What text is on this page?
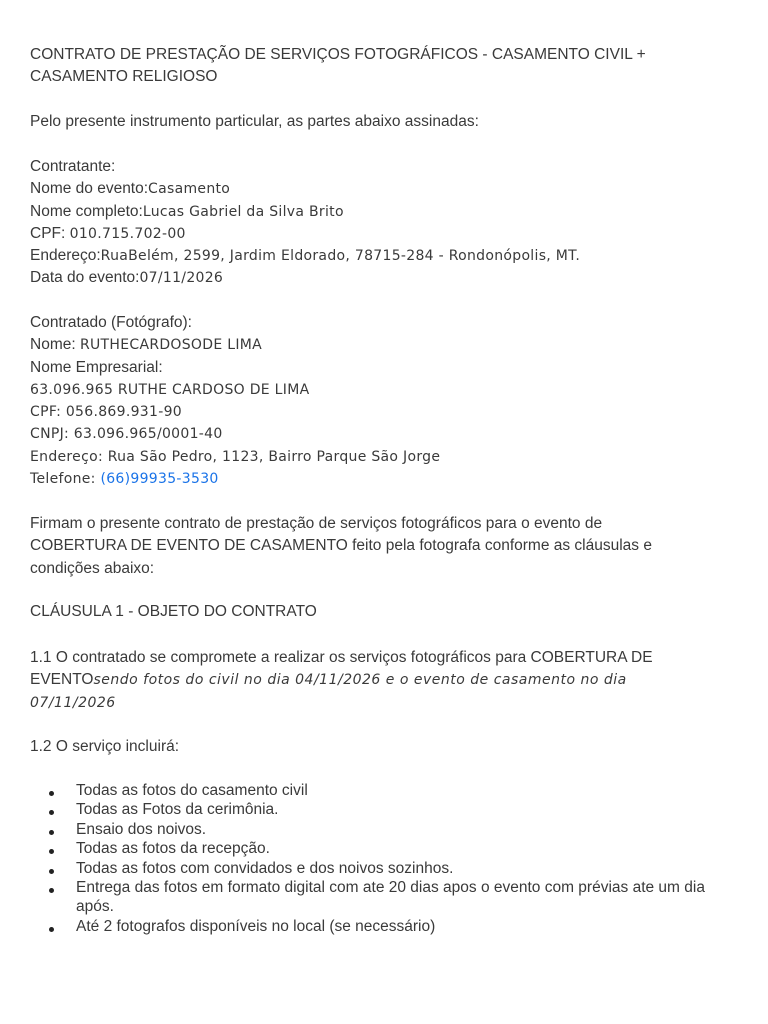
CONTRATO DE PRESTAÇÃO DE SERVIÇOS FOTOGRÁFICOS - CASAMENTO CIVIL +
CASAMENTO RELIGIOSO
Pelo presente instrumento particular, as partes abaixo assinadas:
Contratante:
Nome do evento:Casamento
Nome completo:Lucas Gabriel da Silva Brito
CPF: 010.715.702-00
Endereço:RuaBelém, 2599, Jardim Eldorado, 78715-284 - Rondonópolis, MT.
Data do evento:07/11/2026
Contratado (Fotógrafo):
Nome: RUTHECARDOSODE LIMA
Nome Empresarial:
63.096.965 RUTHE CARDOSO DE LIMA
CPF: 056.869.931-90
CNPJ: 63.096.965/0001-40
Endereço: Rua São Pedro, 1123, Bairro Parque São Jorge
Telefone: (66)99935-3530
Firmam o presente contrato de prestação de serviços fotográficos para o evento de
COBERTURA DE EVENTO DE CASAMENTO feito pela fotografa conforme as cláusulas e
condições abaixo:
CLÁUSULA 1 - OBJETO DO CONTRATO
1.1 O contratado se compromete a realizar os serviços fotográficos para COBERTURA DE
EVENTOsendo fotos do civil no dia 04/11/2026 e o evento de casamento no dia
07/11/2026
1.2 O serviço incluirá:
Todas as fotos do casamento civil
Todas as Fotos da cerimônia.
Ensaio dos noivos.
Todas as fotos da recepção.
Todas as fotos com convidados e dos noivos sozinhos.
Entrega das fotos em formato digital com ate 20 dias apos o evento com prévias ate um dia após.
Até 2 fotografos disponíveis no local (se necessário)
